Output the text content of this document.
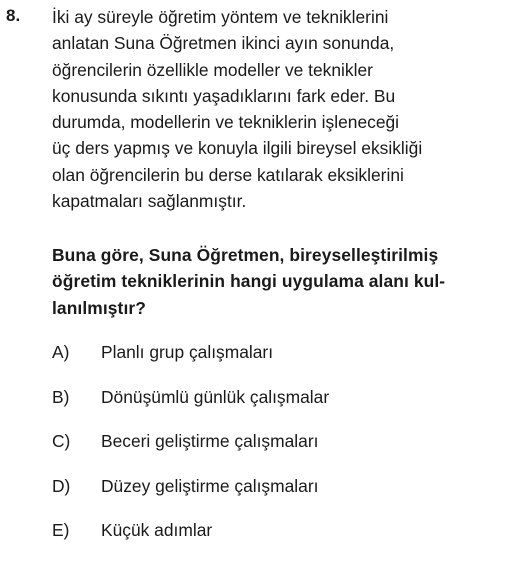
8. İki ay süreyle öğretim yöntem ve tekniklerini
anlatan Suna Öğretmen ikinci ayın sonunda,
öğrencilerin özellikle modeller ve teknikler
konusunda sıkıntı yaşadıklarını fark eder. Bu
durumda, modellerin ve tekniklerin işleneceği
üç ders yapmış ve konuyla ilgili bireysel eksikliği
olan öğrencilerin bu derse katılarak eksiklerini
kapatmaları sağlanmıştır.
Buna göre, Suna Öğretmen, bireyselleştirilmiş
öğretim tekniklerinin hangi uygulama alanı kul-
lanılmıştır?
A)	Planlı grup çalışmaları
B)	Dönüşümlü günlük çalışmalar
C)	Beceri geliştirme çalışmaları
D)	Düzey geliştirme çalışmaları
E)	Küçük adımlar
